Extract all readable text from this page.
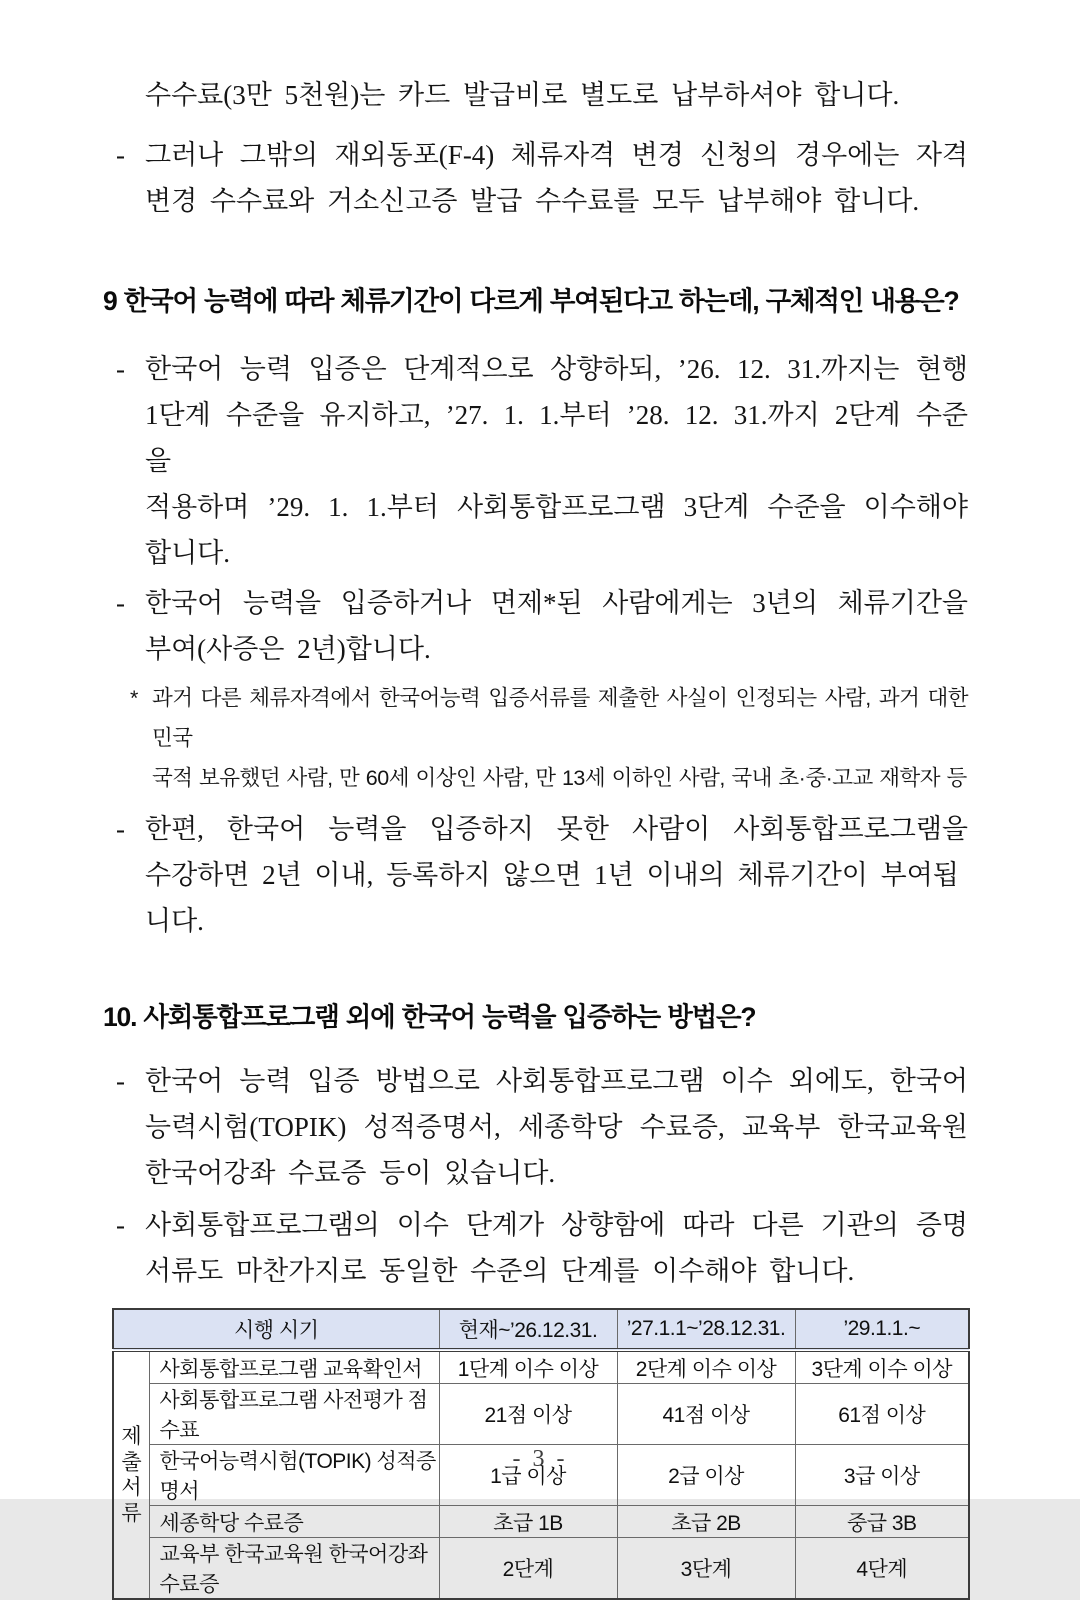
수수료(3만 5천원)는 카드 발급비로 별도로 납부하셔야 합니다.

- 그러나 그밖의 재외동포(F-4) 체류자격 변경 신청의 경우에는 자격
변경 수수료와 거소신고증 발급 수수료를 모두 납부해야 합니다.
9 한국어 능력에 따라 체류기간이 다르게 부여된다고 하는데, 구체적인 내용은?
- 한국어 능력 입증은 단계적으로 상향하되, ’26. 12. 31.까지는 현행
1단계 수준을 유지하고, ’27. 1. 1.부터 ’28. 12. 31.까지 2단계 수준을
적용하며 ’29. 1. 1.부터 사회통합프로그램 3단계 수준을 이수해야
합니다.
- 한국어 능력을 입증하거나 면제*된 사람에게는 3년의 체류기간을
부여(사증은 2년)합니다.
* 과거 다른 체류자격에서 한국어능력 입증서류를 제출한 사실이 인정되는 사람, 과거 대한민국
국적 보유했던 사람, 만 60세 이상인 사람, 만 13세 이하인 사람, 국내 초·중·고교 재학자 등
- 한편, 한국어 능력을 입증하지 못한 사람이 사회통합프로그램을
수강하면 2년 이내, 등록하지 않으면 1년 이내의 체류기간이 부여됩니다.
10. 사회통합프로그램 외에 한국어 능력을 입증하는 방법은?
- 한국어 능력 입증 방법으로 사회통합프로그램 이수 외에도, 한국어
능력시험(TOPIK) 성적증명서, 세종학당 수료증, 교육부 한국교육원
한국어강좌 수료증 등이 있습니다.
- 사회통합프로그램의 이수 단계가 상향함에 따라 다른 기관의 증명
서류도 마찬가지로 동일한 수준의 단계를 이수해야 합니다.
시행 시기		현재~’26.12.31.	’27.1.1~’28.12.31.	’29.1.1.~

제
출
서
류	사회통합프로그램 교육확인서	1단계 이수 이상	2단계 이수 이상	3단계 이수 이상
	사회통합프로그램 사전평가 점수표	21점 이상	41점 이상	61점 이상
	한국어능력시험(TOPIK) 성적증명서	1급 이상	2급 이상	3급 이상
	세종학당 수료증	초급 1B	초급 2B	중급 3B
	교육부 한국교육원 한국어강좌 수료증	2단계	3단계	4단계
- 3 -
